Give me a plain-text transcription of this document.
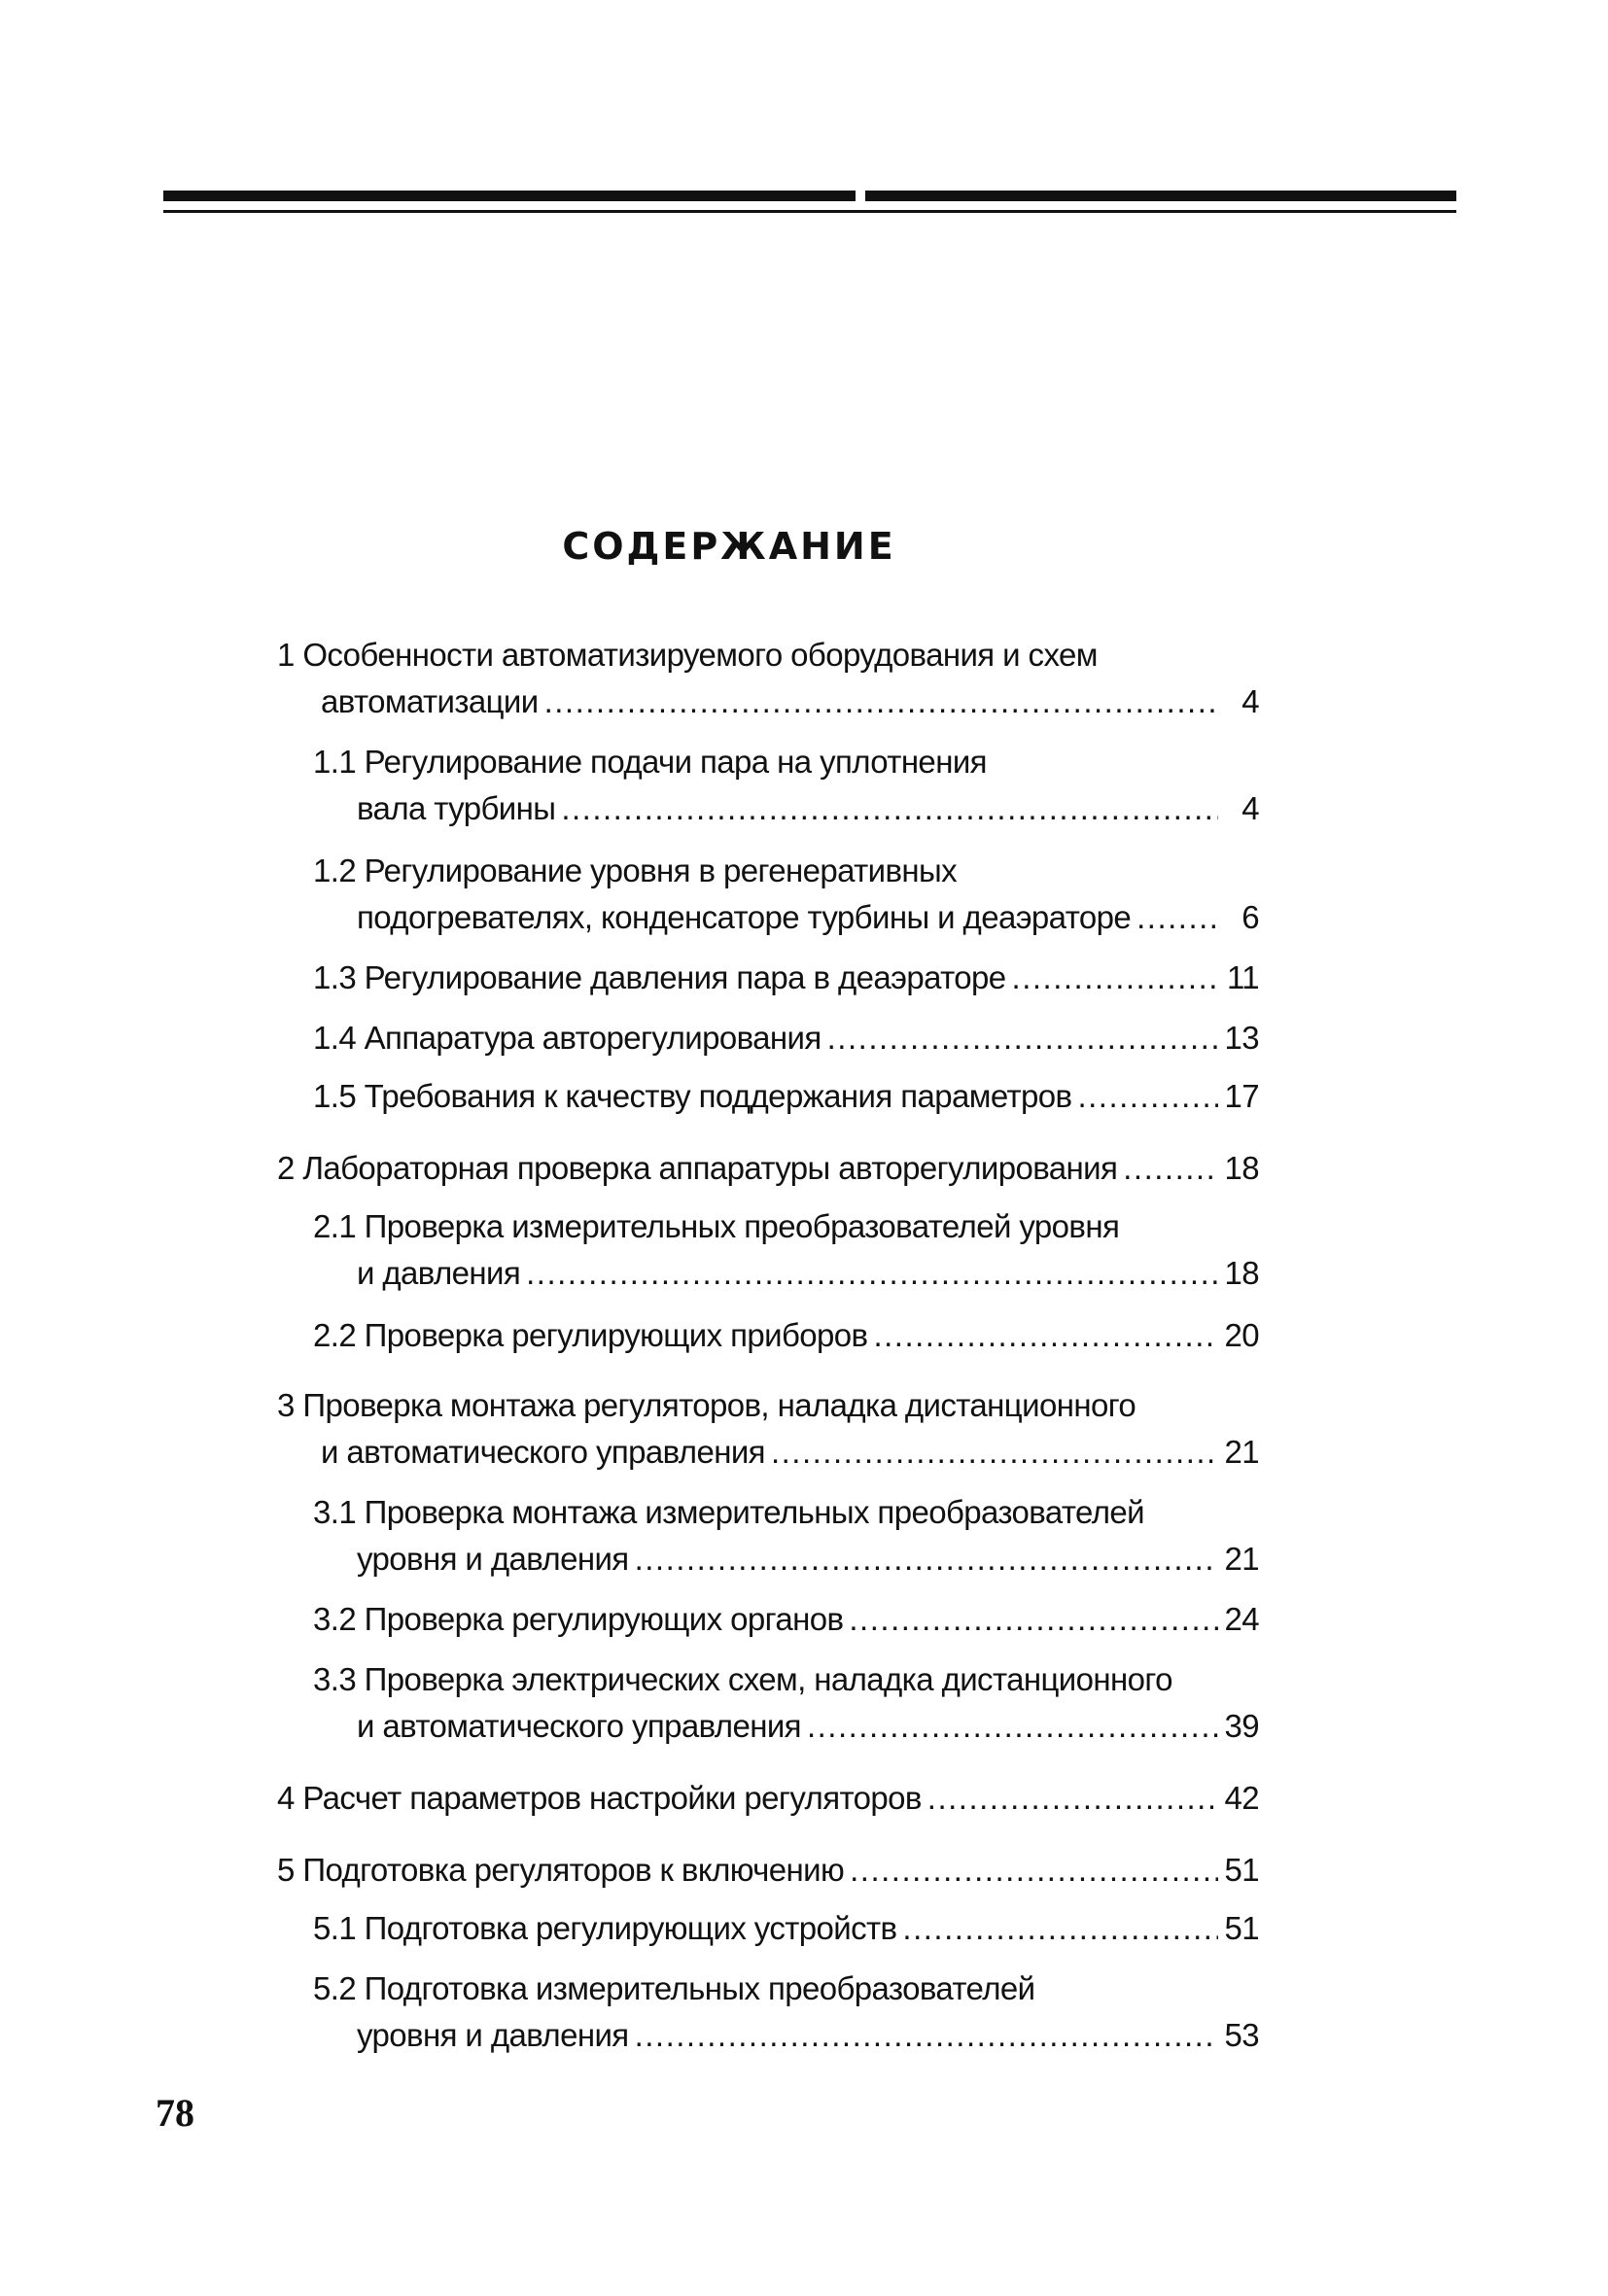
СОДЕРЖАНИЕ
1 Особенности автоматизируемого оборудования и схем
автоматизации .....	4
1.1 Регулирование подачи пара на уплотнения
вала турбины .....	4
1.2 Регулирование уровня в регенеративных
подогревателях, конденсаторе турбины и деаэраторе .....	6
1.3 Регулирование давления пара в деаэраторе .....	11
1.4 Аппаратура авторегулирования .....	13
1.5 Требования к качеству поддержания параметров .....	17
2 Лабораторная проверка аппаратуры авторегулирования .....	18
2.1 Проверка измерительных преобразователей уровня
и давления .....	18
2.2 Проверка регулирующих приборов .....	20
3 Проверка монтажа регуляторов, наладка дистанционного
и автоматического управления .....	21
3.1 Проверка монтажа измерительных преобразователей
уровня и давления .....	21
3.2 Проверка регулирующих органов .....	24
3.3 Проверка электрических схем, наладка дистанционного
и автоматического управления .....	39
4 Расчет параметров настройки регуляторов .....	42
5 Подготовка регуляторов к включению .....	51
5.1 Подготовка регулирующих устройств .....	51
5.2 Подготовка измерительных преобразователей
уровня и давления .....	53
78
